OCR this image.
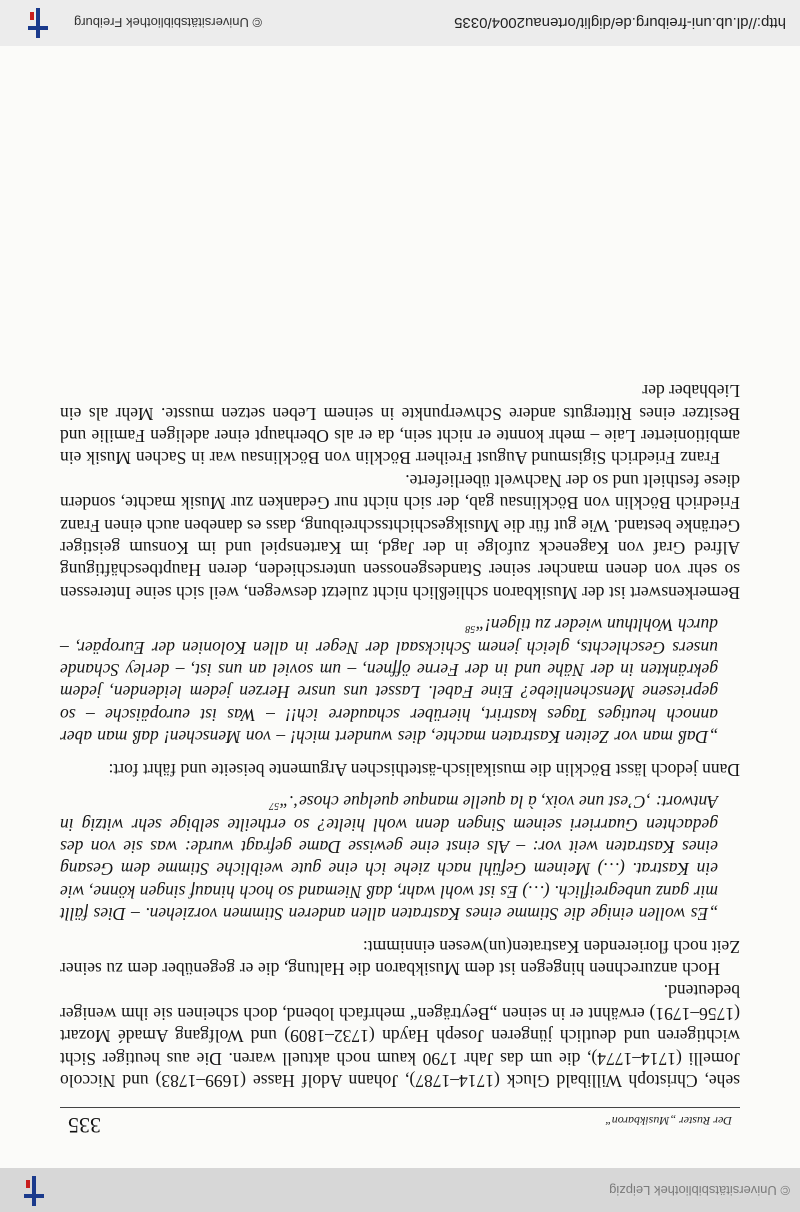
© Universitätsbibliothek Leipzig
Der Ruster „Musikbaron“
335

sehe, Christoph Willibald Gluck (1714–1787), Johann Adolf Hasse (1699–1783) und Niccolo Jomelli (1714–1774), die um das Jahr 1790 kaum noch aktuell waren. Die aus heutiger Sicht wichtigeren und deutlich jüngeren Joseph Haydn (1732–1809) und Wolfgang Amadé Mozart (1756–1791) erwähnt er in seinen „Beyträgen“ mehrfach lobend, doch scheinen sie ihm weniger bedeutend.

Hoch anzurechnen hingegen ist dem Musikbaron die Haltung, die er gegenüber dem zu seiner Zeit noch florierenden Kastraten(un)wesen einnimmt:

„Es wollen einige die Stimme eines Kastraten allen anderen Stimmen vorziehen. – Dies fällt mir ganz unbegreiflich. (…) Es ist wohl wahr, daß Niemand so hoch hinauf singen könne, wie ein Kastrat. (…) Meinem Gefühl nach ziehe ich eine gute weibliche Stimme dem Gesang eines Kastraten weit vor: – Als einst eine gewisse Dame gefragt wurde: was sie von des gedachten Guarrieri seinem Singen denn wohl hielte? so ertheilte selbige sehr witzig in Antwort: ‚C’est une voix, à la quelle manque quelque chose‘.“$^{57}$

Dann jedoch lässt Böcklin die musikalisch-ästethischen Argumente beiseite und fährt fort:

„Daß man vor Zeiten Kastraten machte, dies wundert mich! – von Menschen! daß man aber annoch heutiges Tages kastrirt, hierüber schaudere ich!! – Was ist europäische – so gepriesene Menschenliebe? Eine Fabel. Lasset uns unsre Herzen jedem leidenden, jedem gekränkten in der Nähe und in der Ferne öffnen, – um soviel an uns ist, – derley Schande unsers Geschlechts, gleich jenem Schicksaal der Neger in allen Kolonien der Europäer, – durch Wohlthun wieder zu tilgen!“$^{58}$

Bemerkenswert ist der Musikbaron schließlich nicht zuletzt deswegen, weil sich seine Interessen so sehr von denen mancher seiner Standesgenossen unterschieden, deren Hauptbeschäftigung Alfred Graf von Kageneck zufolge in der Jagd, im Kartenspiel und im Konsum geistiger Getränke bestand. Wie gut für die Musikgeschichtsschreibung, dass es daneben auch einen Franz Friedrich Böcklin von Böcklinsau gab, der sich nicht nur Gedanken zur Musik machte, sondern diese festhielt und so der Nachwelt überlieferte.

Franz Friedrich Sigismund August Freiherr Böcklin von Böcklinsau war in Sachen Musik ein ambitionierter Laie – mehr konnte er nicht sein, da er als Oberhaupt einer adeligen Familie und Besitzer eines Ritterguts andere Schwerpunkte in seinem Leben setzen musste. Mehr als ein Liebhaber der

http://dl.ub.uni-freiburg.de/diglit/ortenau2004/0335
© Universitätsbibliothek Freiburg
